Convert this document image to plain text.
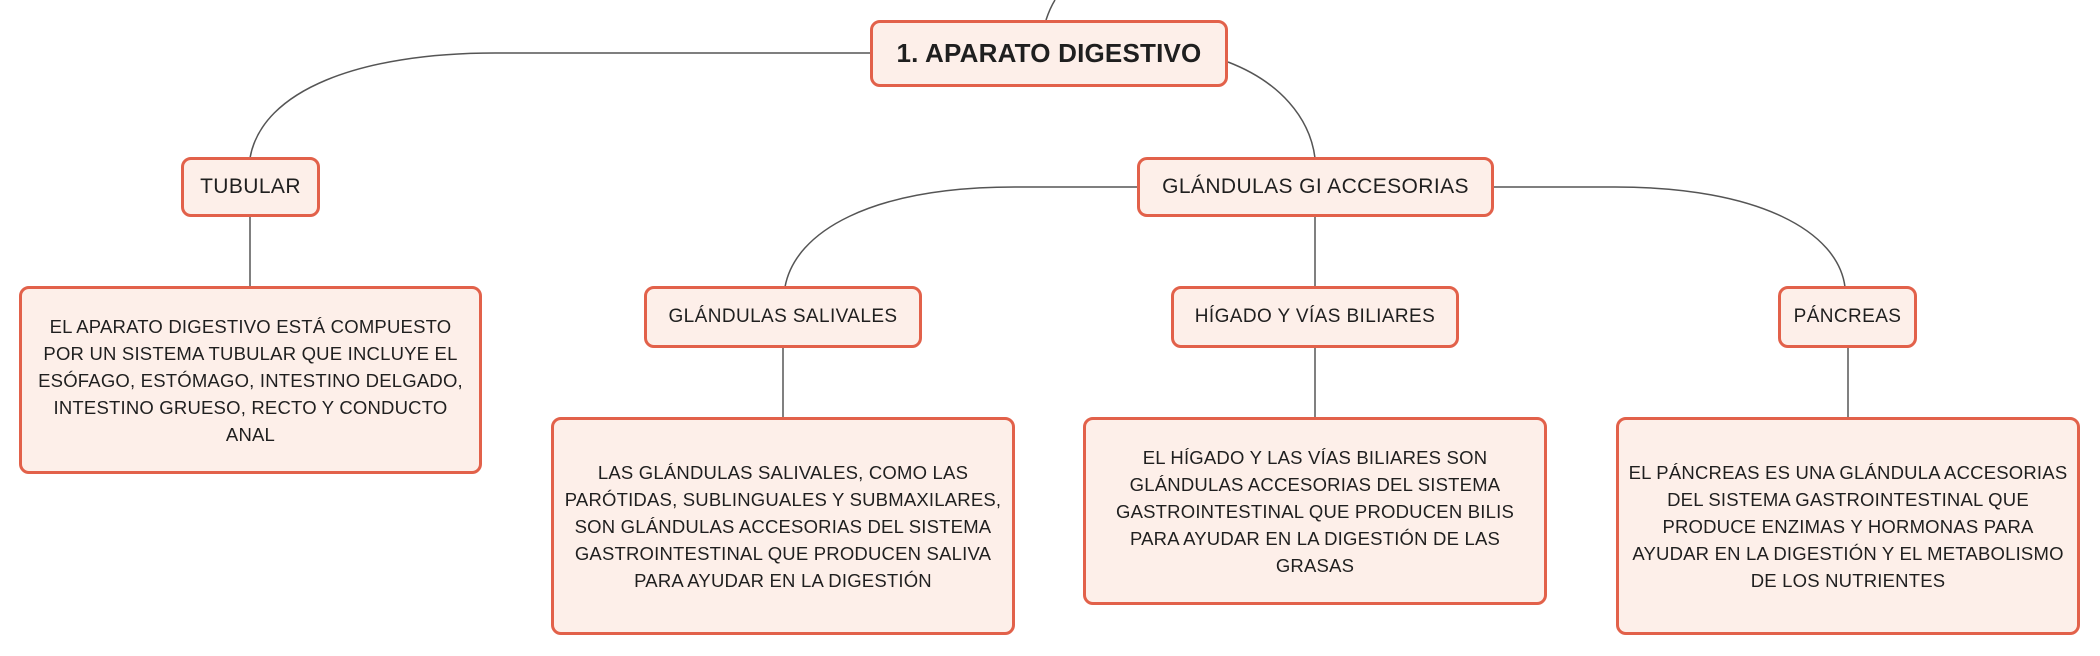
1. APARATO DIGESTIVO
TUBULAR	GLÁNDULAS GI ACCESORIAS
EL APARATO DIGESTIVO ESTÁ COMPUESTO POR UN SISTEMA TUBULAR QUE INCLUYE EL ESÓFAGO, ESTÓMAGO, INTESTINO DELGADO, INTESTINO GRUESO, RECTO Y CONDUCTO ANAL
GLÁNDULAS SALIVALES	HÍGADO Y VÍAS BILIARES	PÁNCREAS
LAS GLÁNDULAS SALIVALES, COMO LAS PARÓTIDAS, SUBLINGUALES Y SUBMAXILARES, SON GLÁNDULAS ACCESORIAS DEL SISTEMA GASTROINTESTINAL QUE PRODUCEN SALIVA PARA AYUDAR EN LA DIGESTIÓN
EL HÍGADO Y LAS VÍAS BILIARES SON GLÁNDULAS ACCESORIAS DEL SISTEMA GASTROINTESTINAL QUE PRODUCEN BILIS PARA AYUDAR EN LA DIGESTIÓN DE LAS GRASAS
EL PÁNCREAS ES UNA GLÁNDULA ACCESORIAS DEL SISTEMA GASTROINTESTINAL QUE PRODUCE ENZIMAS Y HORMONAS PARA AYUDAR EN LA DIGESTIÓN Y EL METABOLISMO DE LOS NUTRIENTES
